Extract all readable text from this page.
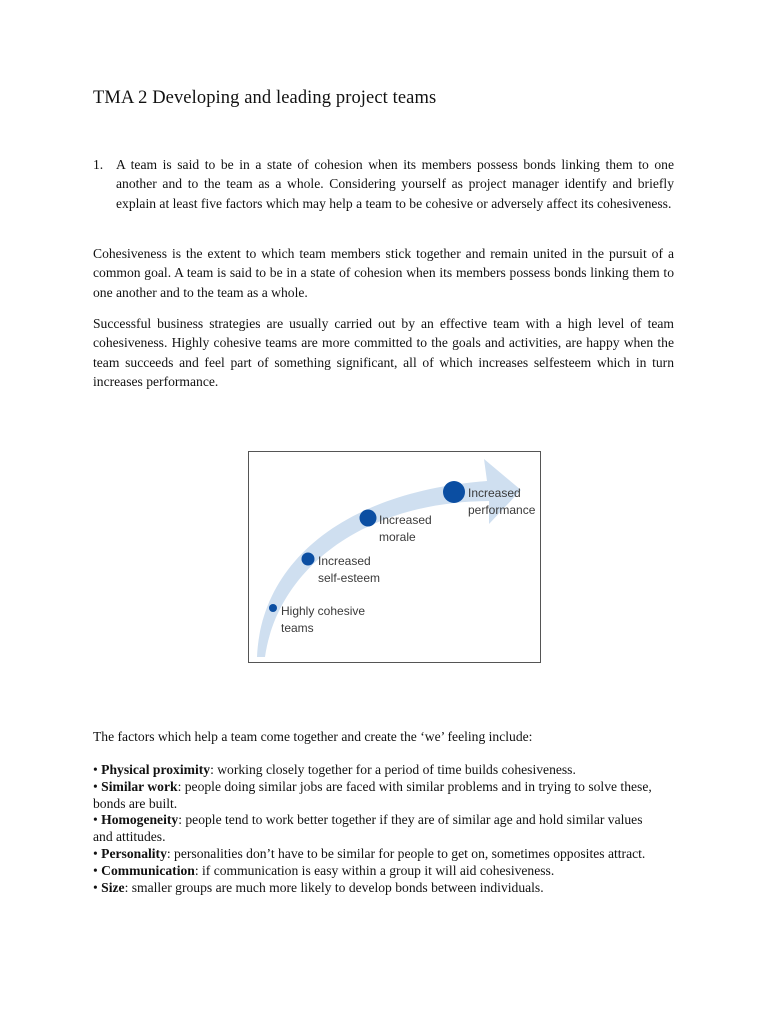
TMA 2 Developing and leading project teams
1. A team is said to be in a state of cohesion when its members possess bonds linking them to one another and to the team as a whole. Considering yourself as project manager identify and briefly explain at least five factors which may help a team to be cohesive or adversely affect its cohesiveness.

Cohesiveness is the extent to which team members stick together and remain united in the pursuit of a common goal. A team is said to be in a state of cohesion when its members possess bonds linking them to one another and to the team as a whole.

Successful business strategies are usually carried out by an effective team with a high level of team cohesiveness. Highly cohesive teams are more committed to the goals and activities, are happy when the team succeeds and feel part of something significant, all of which increases selfesteem which in turn increases performance.

Highly cohesive
teams
Increased
self-esteem
Increased
morale
Increased
performance

The factors which help a team come together and create the ‘we’ feeling include:

• Physical proximity: working closely together for a period of time builds cohesiveness.
• Similar work: people doing similar jobs are faced with similar problems and in trying to solve these, bonds are built.
• Homogeneity: people tend to work better together if they are of similar age and hold similar values and attitudes.
• Personality: personalities don’t have to be similar for people to get on, sometimes opposites attract.
• Communication: if communication is easy within a group it will aid cohesiveness.
• Size: smaller groups are much more likely to develop bonds between individuals.
